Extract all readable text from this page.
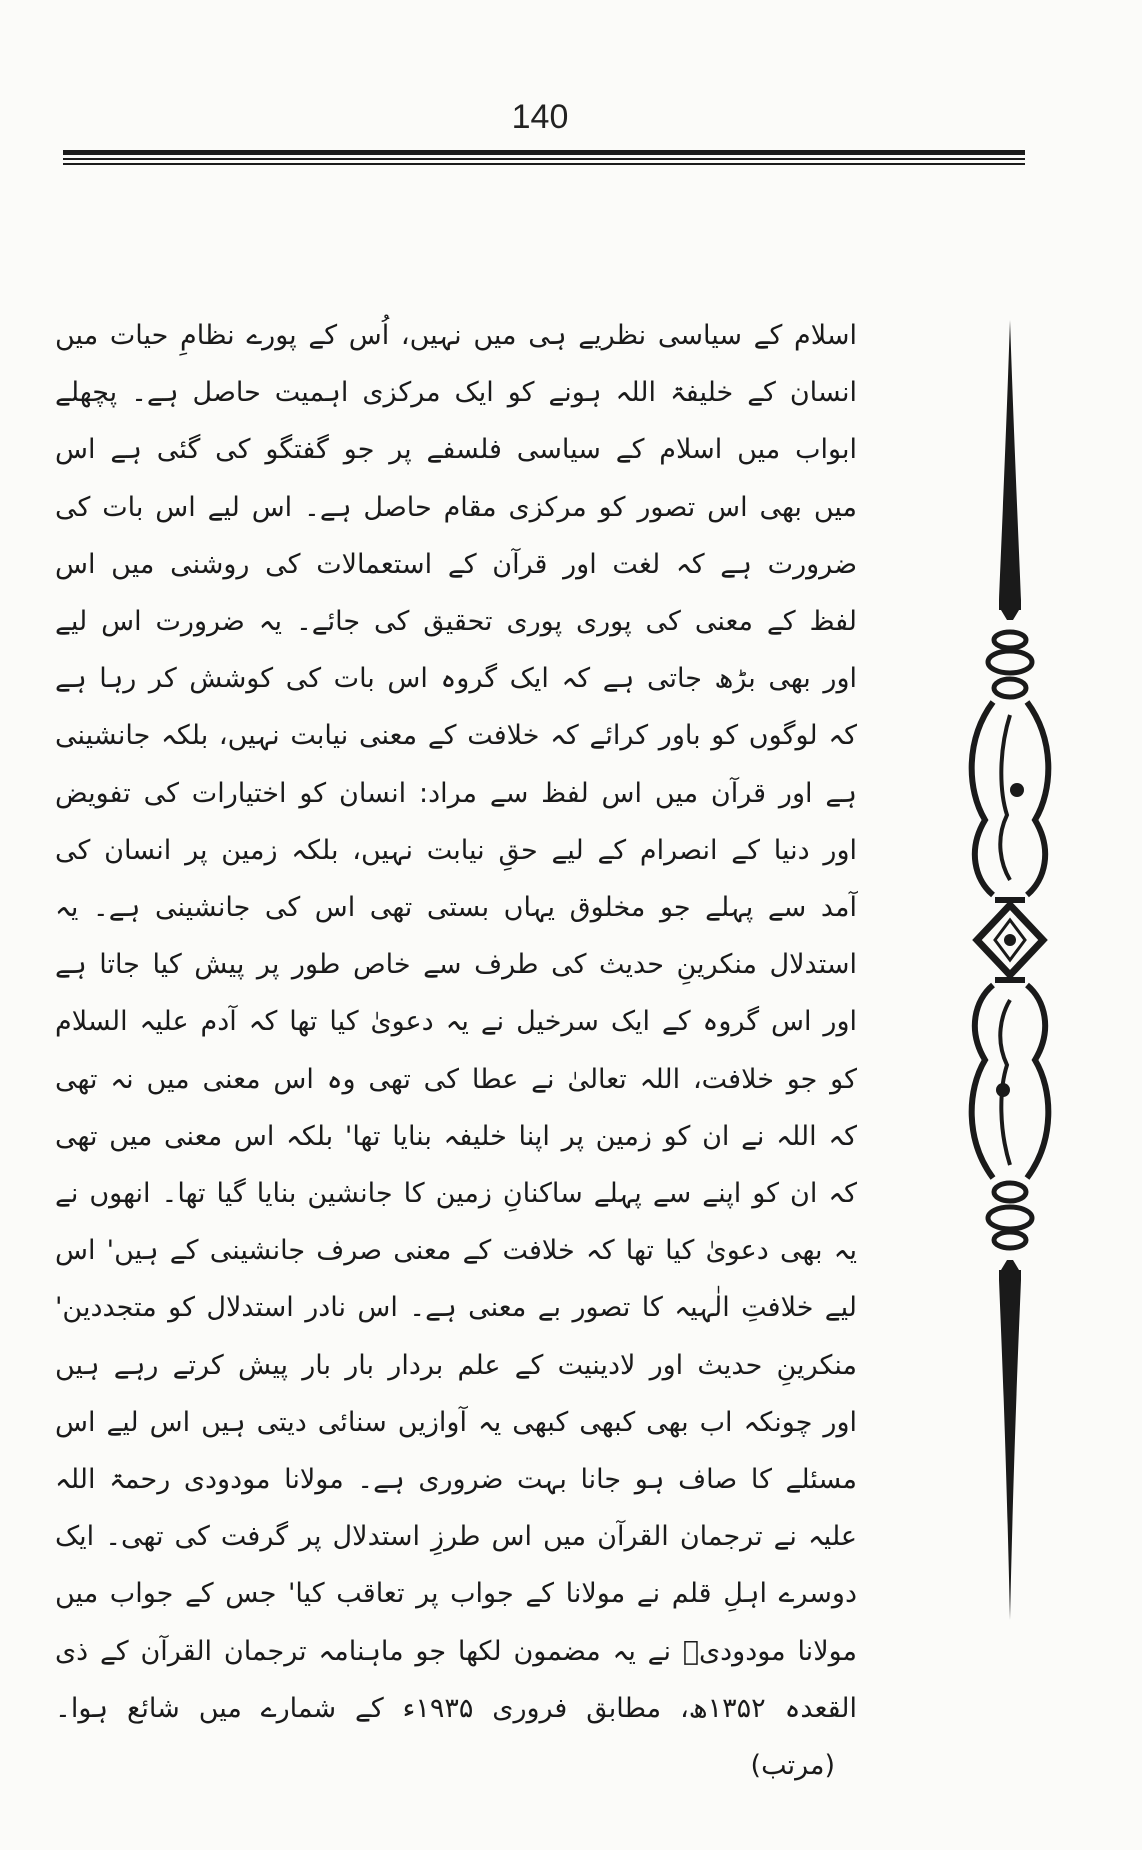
140
اسلام کے سیاسی نظریے ہی میں نہیں، اُس کے پورے نظامِ حیات میں انسان کے خلیفۃ اللہ ہونے کو ایک مرکزی اہمیت حاصل ہے۔ پچھلے ابواب میں اسلام کے سیاسی فلسفے پر جو گفتگو کی گئی ہے اس میں بھی اس تصور کو مرکزی مقام حاصل ہے۔ اس لیے اس بات کی ضرورت ہے کہ لغت اور قرآن کے استعمالات کی روشنی میں اس لفظ کے معنی کی پوری پوری تحقیق کی جائے۔ یہ ضرورت اس لیے اور بھی بڑھ جاتی ہے کہ ایک گروہ اس بات کی کوشش کر رہا ہے کہ لوگوں کو باور کرائے کہ خلافت کے معنی نیابت نہیں، بلکہ جانشینی ہے اور قرآن میں اس لفظ سے مراد: انسان کو اختیارات کی تفویض اور دنیا کے انصرام کے لیے حقِ نیابت نہیں، بلکہ زمین پر انسان کی آمد سے پہلے جو مخلوق یہاں بستی تھی اس کی جانشینی ہے۔ یہ استدلال منکرینِ حدیث کی طرف سے خاص طور پر پیش کیا جاتا ہے اور اس گروہ کے ایک سرخیل نے یہ دعویٰ کیا تھا کہ آدم علیہ السلام کو جو خلافت، اللہ تعالیٰ نے عطا کی تھی وہ اس معنی میں نہ تھی کہ اللہ نے ان کو زمین پر اپنا خلیفہ بنایا تھا' بلکہ اس معنی میں تھی کہ ان کو اپنے سے پہلے ساکنانِ زمین کا جانشین بنایا گیا تھا۔ انھوں نے یہ بھی دعویٰ کیا تھا کہ خلافت کے معنی صرف جانشینی کے ہیں' اس لیے خلافتِ الٰہیہ کا تصور بے معنی ہے۔ اس نادر استدلال کو متجددین' منکرینِ حدیث اور لادینیت کے علم بردار بار بار پیش کرتے رہے ہیں اور چونکہ اب بھی کبھی کبھی یہ آوازیں سنائی دیتی ہیں اس لیے اس مسئلے کا صاف ہو جانا بہت ضروری ہے۔ مولانا مودودی رحمۃ اللہ علیہ نے ترجمان القرآن میں اس طرزِ استدلال پر گرفت کی تھی۔ ایک دوسرے اہلِ قلم نے مولانا کے جواب پر تعاقب کیا' جس کے جواب میں مولانا مودودیؒ نے یہ مضمون لکھا جو ماہنامہ ترجمان القرآن کے ذی القعدہ ۱۳۵۲ھ، مطابق فروری ۱۹۳۵ء کے شمارے میں شائع ہوا۔ (مرتب)
